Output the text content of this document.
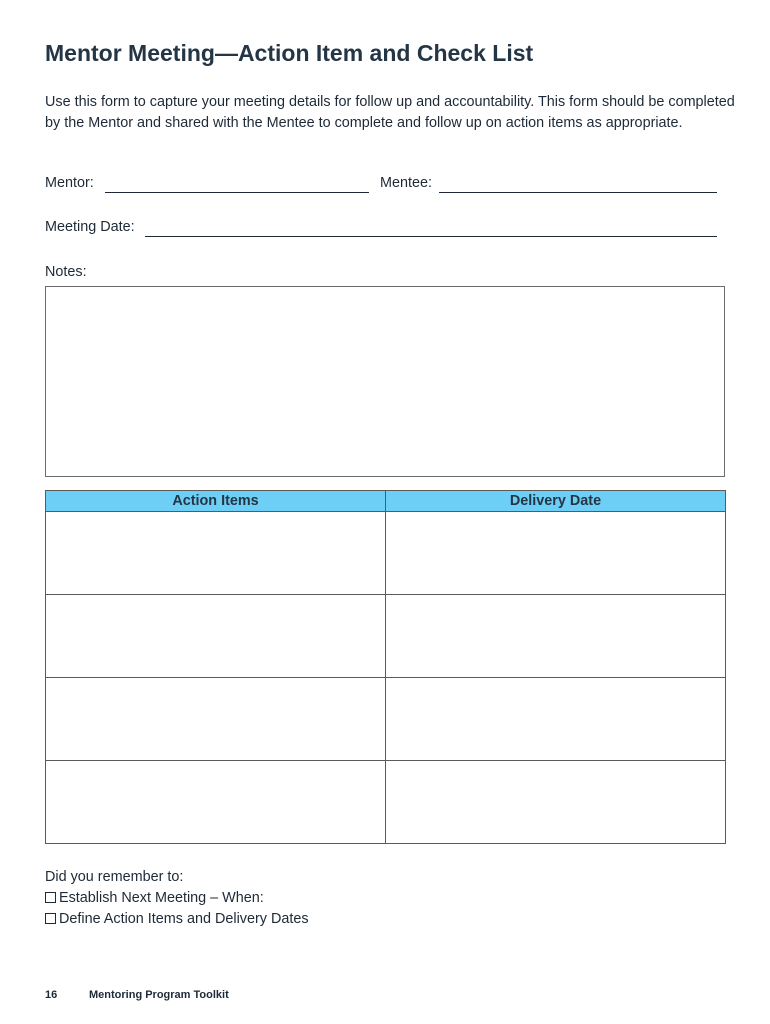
Mentor Meeting—Action Item and Check List
Use this form to capture your meeting details for follow up and accountability. This form should be completed by the Mentor and shared with the Mentee to complete and follow up on action items as appropriate.
Mentor:	Mentee:
Meeting Date:
Notes:
Action Items	Delivery Date

Did you remember to:
Establish Next Meeting – When:
Define Action Items and Delivery Dates
16	Mentoring Program Toolkit
